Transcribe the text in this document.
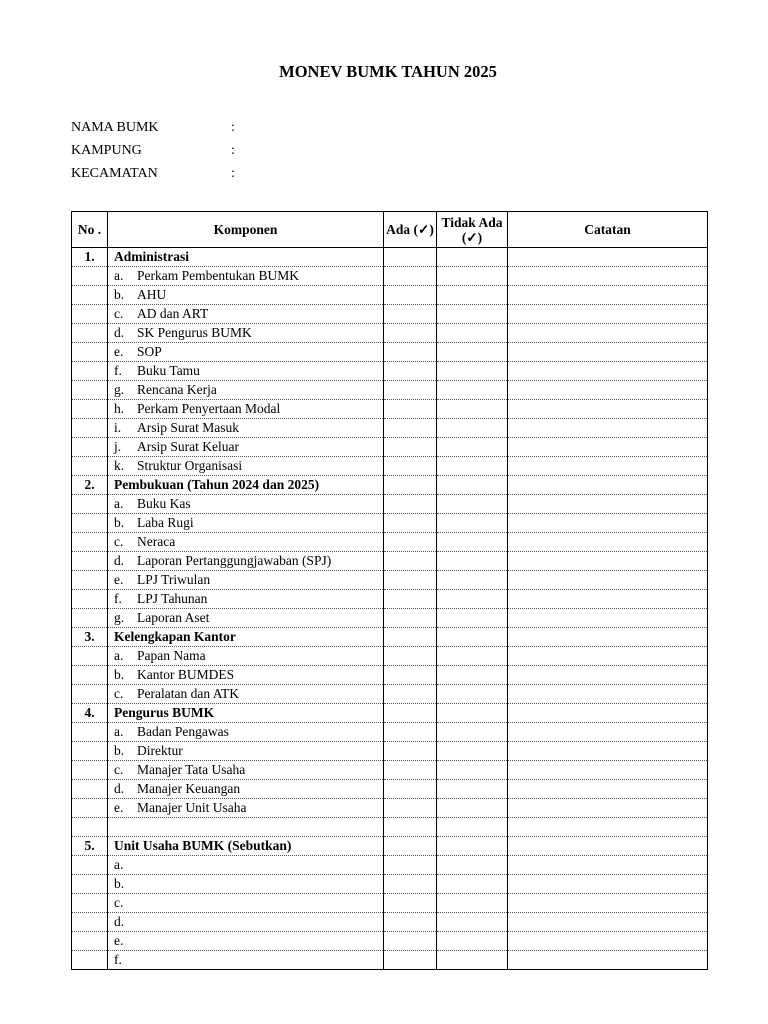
MONEV BUMK TAHUN 2025
NAMA BUMK	:
KAMPUNG	:
KECAMATAN	:
No .	Komponen	Ada (✓)	Tidak Ada (✓)	Catatan
1.	Administrasi			
	a. Perkam Pembentukan BUMK			
	b. AHU			
	c. AD dan ART			
	d. SK Pengurus BUMK			
	e. SOP			
	f. Buku Tamu			
	g. Rencana Kerja			
	h. Perkam Penyertaan Modal			
	i. Arsip Surat Masuk			
	j. Arsip Surat Keluar			
	k. Struktur Organisasi			
2.	Pembukuan (Tahun 2024 dan 2025)			
	a. Buku Kas			
	b. Laba Rugi			
	c. Neraca			
	d. Laporan Pertanggungjawaban (SPJ)			
	e. LPJ Triwulan			
	f. LPJ Tahunan			
	g. Laporan Aset			
3.	Kelengkapan Kantor			
	a. Papan Nama			
	b. Kantor BUMDES			
	c. Peralatan dan ATK			
4.	Pengurus BUMK			
	a. Badan Pengawas			
	b. Direktur			
	c. Manajer Tata Usaha			
	d. Manajer Keuangan			
	e. Manajer Unit Usaha			

5.	Unit Usaha BUMK (Sebutkan)			
	a.			
	b.			
	c.			
	d.			
	e.			
	f.			
